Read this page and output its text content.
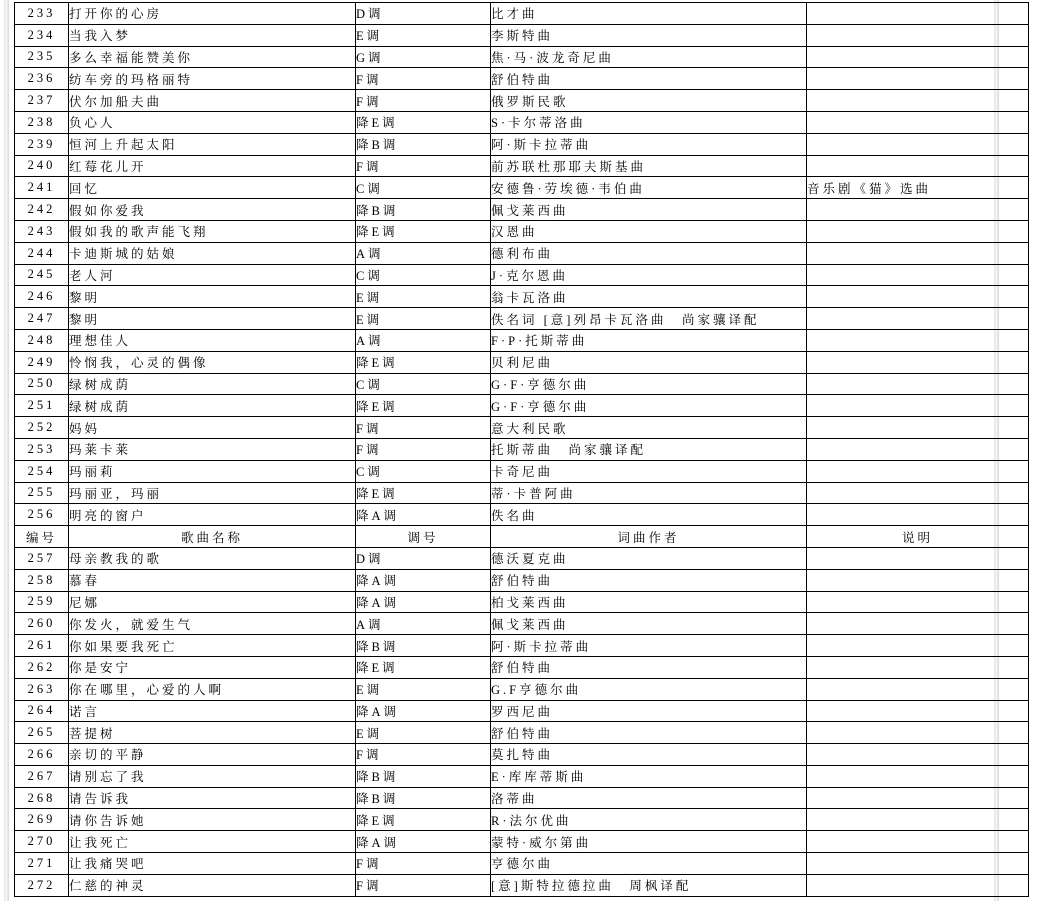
233	打开你的心房	D调	比才曲	
234	当我入梦	E调	李斯特曲	
235	多么幸福能赞美你	G调	焦·马·波龙奇尼曲	
236	纺车旁的玛格丽特	F调	舒伯特曲	
237	伏尔加船夫曲	F调	俄罗斯民歌	
238	负心人	降E调	S·卡尔蒂洛曲	
239	恒河上升起太阳	降B调	阿·斯卡拉蒂曲	
240	红莓花儿开	F调	前苏联杜那耶夫斯基曲	
241	回忆	C调	安德鲁·劳埃德·韦伯曲	音乐剧《猫》选曲
242	假如你爱我	降B调	佩戈莱西曲	
243	假如我的歌声能飞翔	降E调	汉恩曲	
244	卡迪斯城的姑娘	A调	德利布曲	
245	老人河	C调	J·克尔恩曲	
246	黎明	E调	翁卡瓦洛曲	
247	黎明	E调	佚名词 [意]列昂卡瓦洛曲　尚家骧译配	
248	理想佳人	A调	F·P·托斯蒂曲	
249	怜悯我，心灵的偶像	降E调	贝利尼曲	
250	绿树成荫	C调	G·F·亨德尔曲	
251	绿树成荫	降E调	G·F·亨德尔曲	
252	妈妈	F调	意大利民歌	
253	玛莱卡莱	F调	托斯蒂曲　尚家骧译配	
254	玛丽莉	C调	卡奇尼曲	
255	玛丽亚，玛丽	降E调	蒂·卡普阿曲	
256	明亮的窗户	降A调	佚名曲	
编号	歌曲名称	调号	词曲作者	说明
257	母亲教我的歌	D调	德沃夏克曲	
258	慕春	降A调	舒伯特曲	
259	尼娜	降A调	柏戈莱西曲	
260	你发火，就爱生气	A调	佩戈莱西曲	
261	你如果要我死亡	降B调	阿·斯卡拉蒂曲	
262	你是安宁	降E调	舒伯特曲	
263	你在哪里，心爱的人啊	E调	G.F亨德尔曲	
264	诺言	降A调	罗西尼曲	
265	菩提树	E调	舒伯特曲	
266	亲切的平静	F调	莫扎特曲	
267	请别忘了我	降B调	E·库库蒂斯曲	
268	请告诉我	降B调	洛蒂曲	
269	请你告诉她	降E调	R·法尔优曲	
270	让我死亡	降A调	蒙特·威尔第曲	
271	让我痛哭吧	F调	亨德尔曲	
272	仁慈的神灵	F调	[意]斯特拉德拉曲　周枫译配	
